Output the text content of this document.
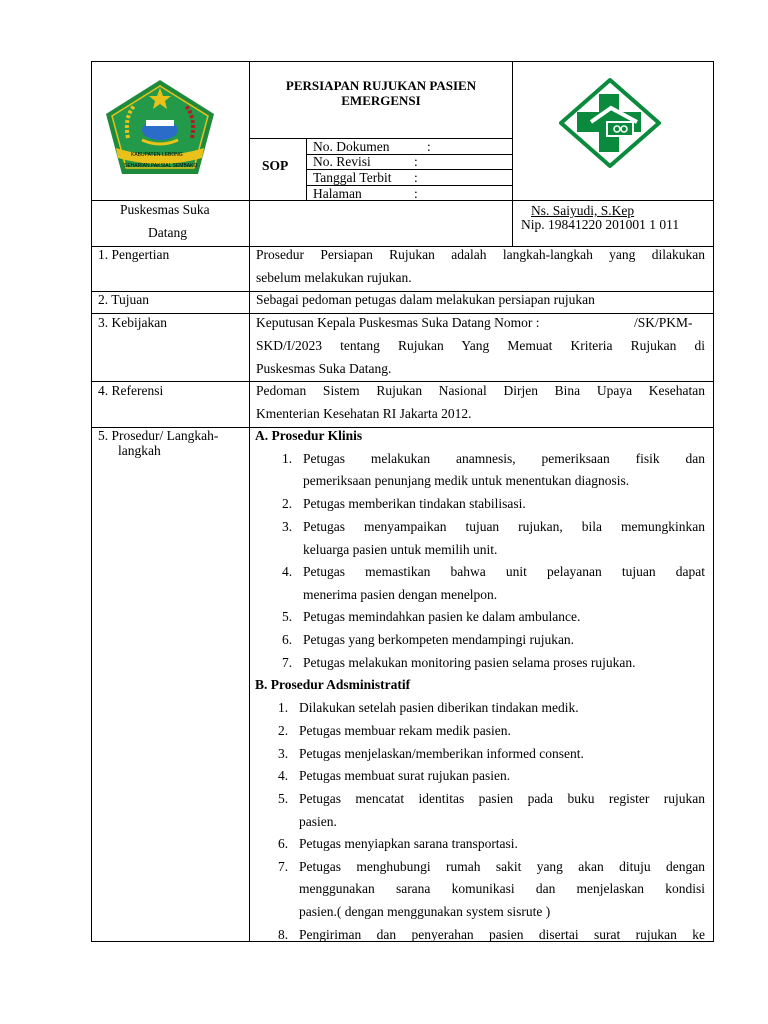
KABUPATEN LEBONG
SEHARIAN PAKSIAL SEMBAKO
PERSIAPAN RUJUKAN PASIEN
EMERGENSI
SOP
No. Dokumen	:
No. Revisi	:
Tanggal Terbit :
Halaman	:
Puskesmas Suka
Datang
Ns. Saiyudi, S.Kep
Nip. 19841220 201001 1 011
1. Pengertian	Prosedur Persiapan Rujukan adalah langkah-langkah yang dilakukan
sebelum melakukan rujukan.
2. Tujuan	Sebagai pedoman petugas dalam melakukan persiapan rujukan
3. Kebijakan	Keputusan Kepala Puskesmas Suka Datang Nomor :	/SK/PKM-
SKD/I/2023 tentang Rujukan Yang Memuat Kriteria Rujukan di
Puskesmas Suka Datang.
4. Referensi	Pedoman Sistem Rujukan Nasional Dirjen Bina Upaya Kesehatan
Kmenterian Kesehatan RI Jakarta 2012.
5. Prosedur/ Langkah-
langkah
A. Prosedur Klinis
1. Petugas melakukan anamnesis, pemeriksaan fisik dan
pemeriksaan penunjang medik untuk menentukan diagnosis.
2. Petugas memberikan tindakan stabilisasi.
3. Petugas menyampaikan tujuan rujukan, bila memungkinkan
keluarga pasien untuk memilih unit.
4. Petugas memastikan bahwa unit pelayanan tujuan dapat
menerima pasien dengan menelpon.
5. Petugas memindahkan pasien ke dalam ambulance.
6. Petugas yang berkompeten mendampingi rujukan.
7. Petugas melakukan monitoring pasien selama proses rujukan.
B. Prosedur Adsministratif
1. Dilakukan setelah pasien diberikan tindakan medik.
2. Petugas membuar rekam medik pasien.
3. Petugas menjelaskan/memberikan informed consent.
4. Petugas membuat surat rujukan pasien.
5. Petugas mencatat identitas pasien pada buku register rujukan
pasien.
6. Petugas menyiapkan sarana transportasi.
7. Petugas menghubungi rumah sakit yang akan dituju dengan
menggunakan sarana komunikasi dan menjelaskan kondisi
pasien.( dengan menggunakan system sisrute )
8. Pengiriman dan penyerahan pasien disertai surat rujukan ke
